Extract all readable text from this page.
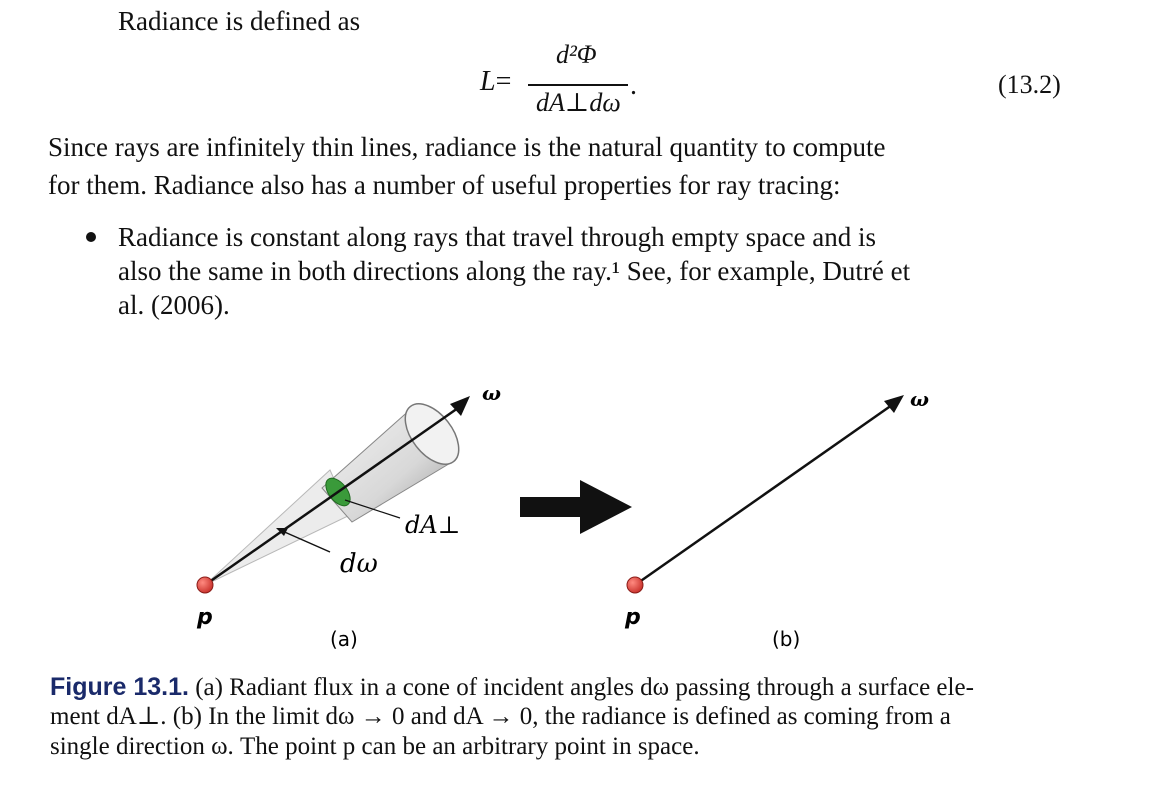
Radiance is defined as
L=
d²Φ
dA⊥dω
.	(13.2)
Since rays are infinitely thin lines, radiance is the natural quantity to compute
for them. Radiance also has a number of useful properties for ray tracing:
Radiance is constant along rays that travel through empty space and is
also the same in both directions along the ray.¹ See, for example, Dutré et
al. (2006).
ω
dA⊥
dω
p
(a)
ω
p
(b)
Figure 13.1. (a) Radiant flux in a cone of incident angles dω passing through a surface ele-
ment dA⊥. (b) In the limit dω → 0 and dA → 0, the radiance is defined as coming from a
single direction ω. The point p can be an arbitrary point in space.
